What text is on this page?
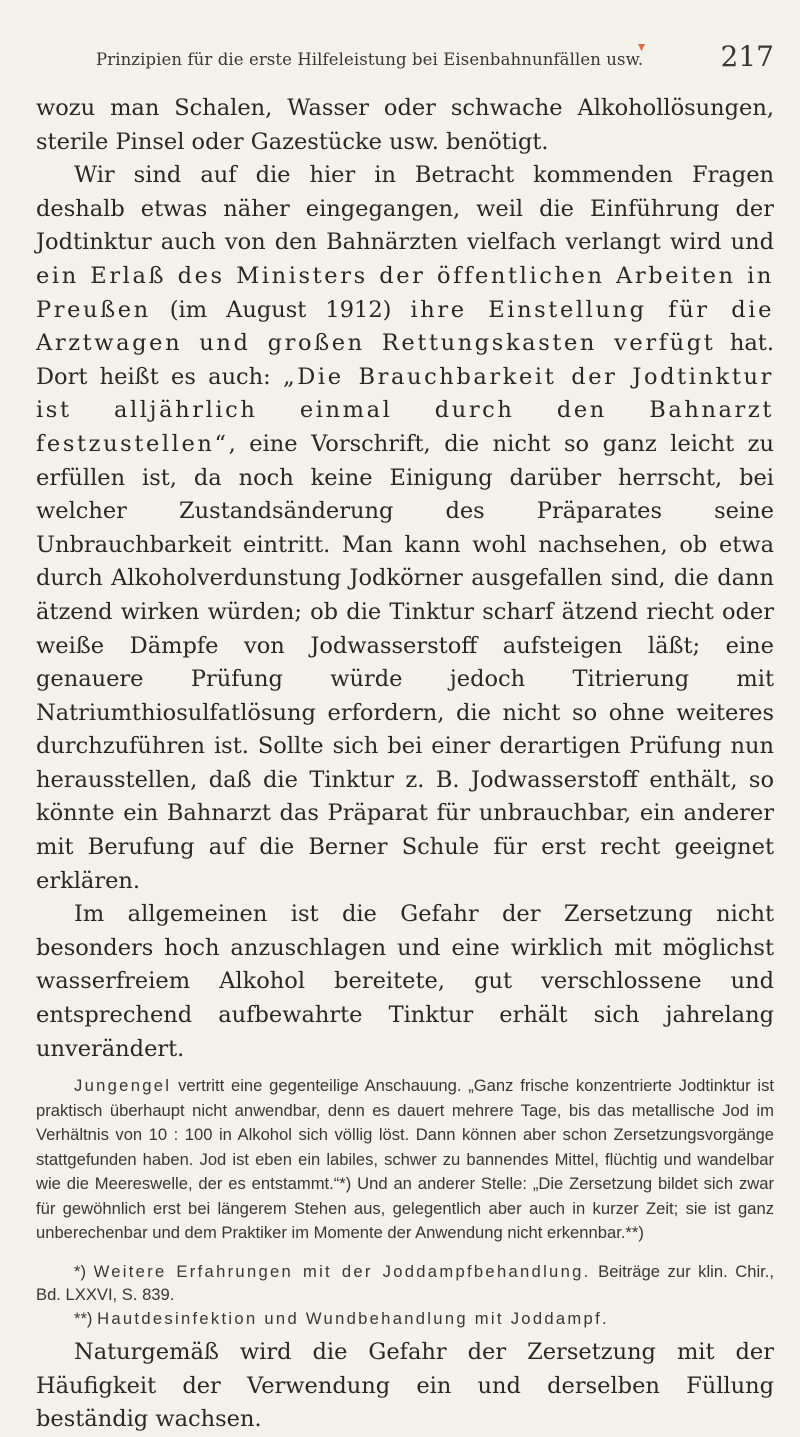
Prinzipien für die erste Hilfeleistung bei Eisenbahnunfällen usw.	217

wozu man Schalen, Wasser oder schwache Alkohollösungen, sterile Pinsel oder Gazestücke usw. benötigt.

Wir sind auf die hier in Betracht kommenden Fragen deshalb etwas näher eingegangen, weil die Einführung der Jodtinktur auch von den Bahnärzten vielfach verlangt wird und ein Erlaß des Ministers der öffentlichen Arbeiten in Preußen (im August 1912) ihre Einstellung für die Arztwagen und großen Rettungskasten verfügt hat. Dort heißt es auch: „Die Brauchbarkeit der Jodtinktur ist alljährlich einmal durch den Bahnarzt festzustellen“, eine Vorschrift, die nicht so ganz leicht zu erfüllen ist, da noch keine Einigung darüber herrscht, bei welcher Zustandsänderung des Präparates seine Unbrauchbarkeit eintritt. Man kann wohl nachsehen, ob etwa durch Alkoholverdunstung Jodkörner ausgefallen sind, die dann ätzend wirken würden; ob die Tinktur scharf ätzend riecht oder weiße Dämpfe von Jodwasserstoff aufsteigen läßt; eine genauere Prüfung würde jedoch Titrierung mit Natriumthiosulfatlösung erfordern, die nicht so ohne weiteres durchzuführen ist. Sollte sich bei einer derartigen Prüfung nun herausstellen, daß die Tinktur z. B. Jodwasserstoff enthält, so könnte ein Bahnarzt das Präparat für unbrauchbar, ein anderer mit Berufung auf die Berner Schule für erst recht geeignet erklären.

Im allgemeinen ist die Gefahr der Zersetzung nicht besonders hoch anzuschlagen und eine wirklich mit möglichst wasserfreiem Alkohol bereitete, gut verschlossene und entsprechend aufbewahrte Tinktur erhält sich jahrelang unverändert.

Jungengel vertritt eine gegenteilige Anschauung. „Ganz frische konzentrierte Jodtinktur ist praktisch überhaupt nicht anwendbar, denn es dauert mehrere Tage, bis das metallische Jod im Verhältnis von 10 : 100 in Alkohol sich völlig löst. Dann können aber schon Zersetzungsvorgänge stattgefunden haben. Jod ist eben ein labiles, schwer zu bannendes Mittel, flüchtig und wandelbar wie die Meereswelle, der es entstammt.“*) Und an anderer Stelle: „Die Zersetzung bildet sich zwar für gewöhnlich erst bei längerem Stehen aus, gelegentlich aber auch in kurzer Zeit; sie ist ganz unberechenbar und dem Praktiker im Momente der Anwendung nicht erkennbar.**)

*) Weitere Erfahrungen mit der Joddampfbehandlung. Beiträge zur klin. Chir., Bd. LXXVI, S. 839.

**) Hautdesinfektion und Wundbehandlung mit Joddampf.

Naturgemäß wird die Gefahr der Zersetzung mit der Häufigkeit der Verwendung ein und derselben Füllung beständig wachsen.
